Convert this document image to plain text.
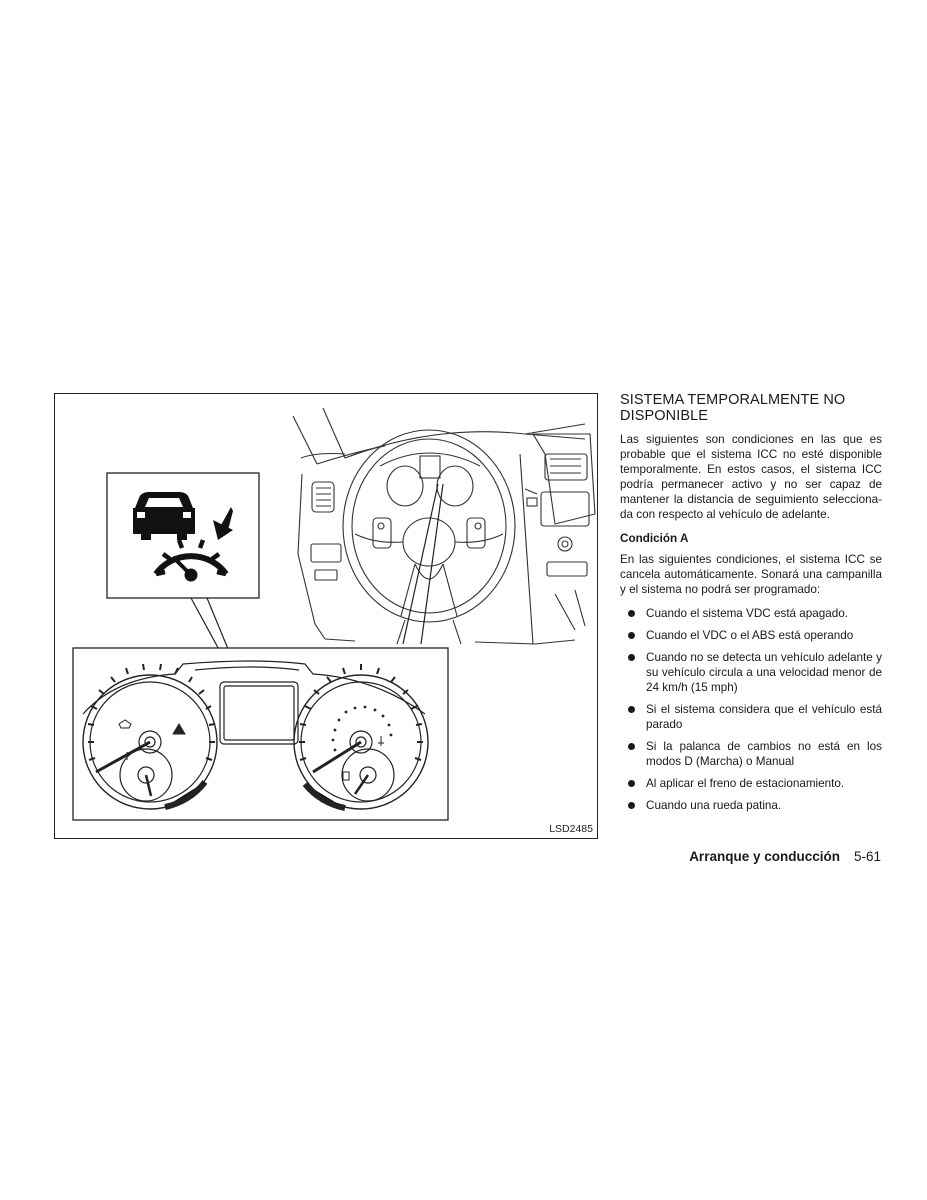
LSD2485
SISTEMA TEMPORALMENTE NO DISPONIBLE

Las siguientes son condiciones en las que es probable que el sistema ICC no esté disponible temporalmente. En estos casos, el sistema ICC podría permanecer activo y no ser capaz de mantener la distancia de seguimiento seleccionada con respecto al vehículo de adelante.

Condición A

En las siguientes condiciones, el sistema ICC se cancela automáticamente. Sonará una campanilla y el sistema no podrá ser programado:

Cuando el sistema VDC está apagado.
Cuando el VDC o el ABS está operando
Cuando no se detecta un vehículo adelante y su vehículo circula a una velocidad menor de 24 km/h (15 mph)
Si el sistema considera que el vehículo está parado
Si la palanca de cambios no está en los modos D (Marcha) o Manual
Al aplicar el freno de estacionamiento.
Cuando una rueda patina.
Arranque y conducción 5-61
